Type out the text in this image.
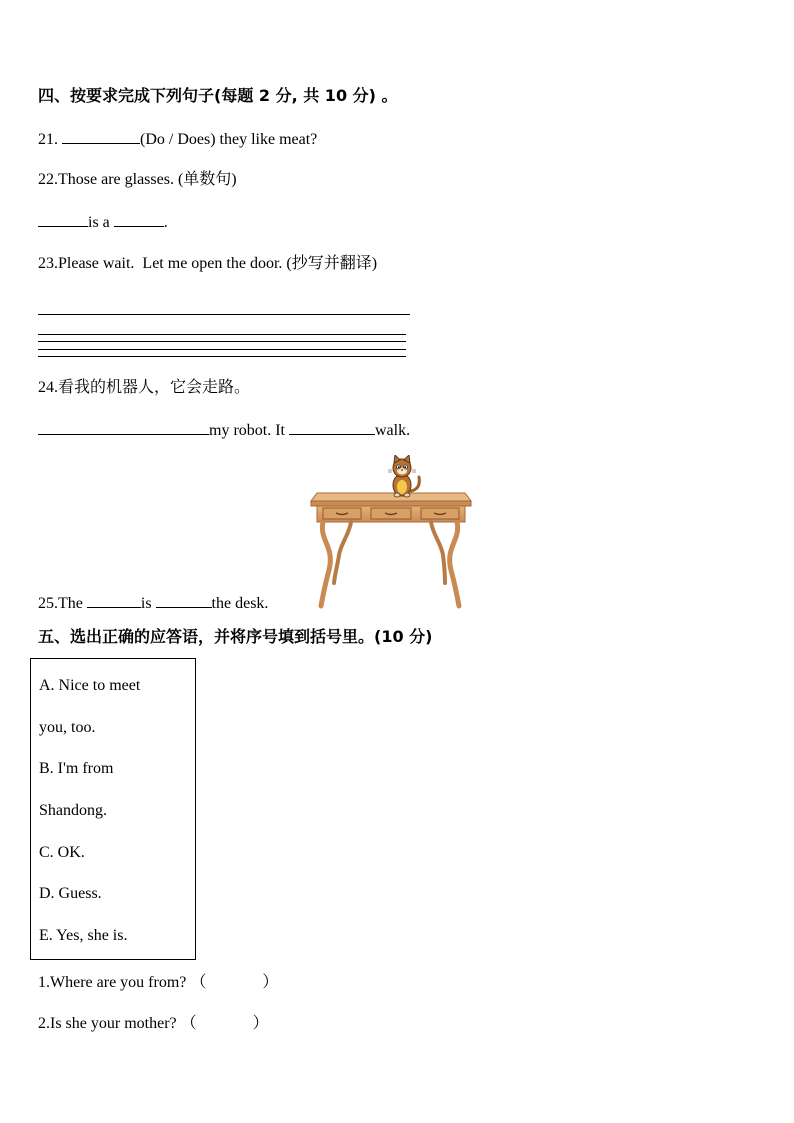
四、按要求完成下列句子(每题 2 分, 共 10 分) 。
21.	(Do / Does) they like meat?
22.Those are glasses. (单数句)
is a	.
23.Please wait.  Let me open the door. (抄写并翻译)
24.看我的机器人，它会走路。
my robot. It	walk.
25.The	is	the desk.
五、选出正确的应答语，并将序号填到括号里。(10 分)
A. Nice to meet
you, too.
B. I'm from
Shandong.
C. OK.
D. Guess.
E. Yes, she is.
1.Where are you from? （	）
2.Is she your mother? （	）
